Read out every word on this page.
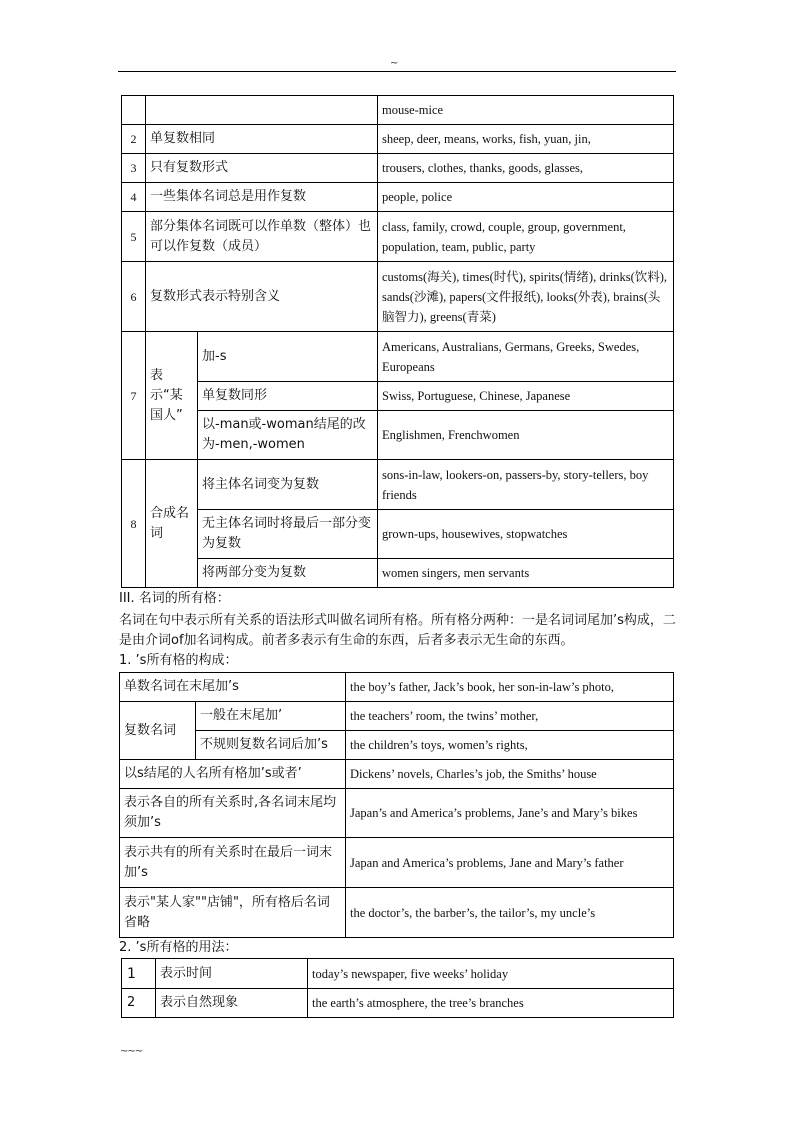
~
			mouse-mice
2	单复数相同		sheep, deer, means, works, fish, yuan, jin,
3	只有复数形式		trousers, clothes, thanks, goods, glasses,
4	一些集体名词总是用作复数		people, police
5	部分集体名词既可以作单数（整体）也可以作复数（成员）		class, family, crowd, couple, group, government, population, team, public, party
6	复数形式表示特别含义		customs(海关), times(时代), spirits(情绪), drinks(饮料), sands(沙滩), papers(文件报纸), looks(外表), brains(头脑智力), greens(青菜)
7	表示“某国人”	加-s	Americans, Australians, Germans, Greeks, Swedes, Europeans
		单复数同形	Swiss, Portuguese, Chinese, Japanese
		以-man或-woman结尾的改为-men,-women	Englishmen, Frenchwomen
8	合成名词	将主体名词变为复数	sons-in-law, lookers-on, passers-by, story-tellers, boy friends
		无主体名词时将最后一部分变为复数	grown-ups, housewives, stopwatches
		将两部分变为复数	women singers, men servants
III. 名词的所有格：
名词在句中表示所有关系的语法形式叫做名词所有格。所有格分两种：一是名词词尾加’s构成，二是由介词of加名词构成。前者多表示有生命的东西，后者多表示无生命的东西。
1. ’s所有格的构成：
单数名词在末尾加’s		the boy’s father, Jack’s book, her son-in-law’s photo,
复数名词	一般在末尾加’	the teachers’ room, the twins’ mother,
	不规则复数名词后加’s	the children’s toys, women’s rights,
以s结尾的人名所有格加’s或者’		Dickens’ novels, Charles’s job, the Smiths’ house
表示各自的所有关系时,各名词末尾均须加’s		Japan’s and America’s problems, Jane’s and Mary’s bikes
表示共有的所有关系时在最后一词末加’s		Japan and America’s problems, Jane and Mary’s father
表示"某人家""店铺"，所有格后名词省略		the doctor’s, the barber’s, the tailor’s, my uncle’s
2. ’s所有格的用法：
1	表示时间	today’s newspaper, five weeks’ holiday
2	表示自然现象	the earth’s atmosphere, the tree’s branches
~~~
